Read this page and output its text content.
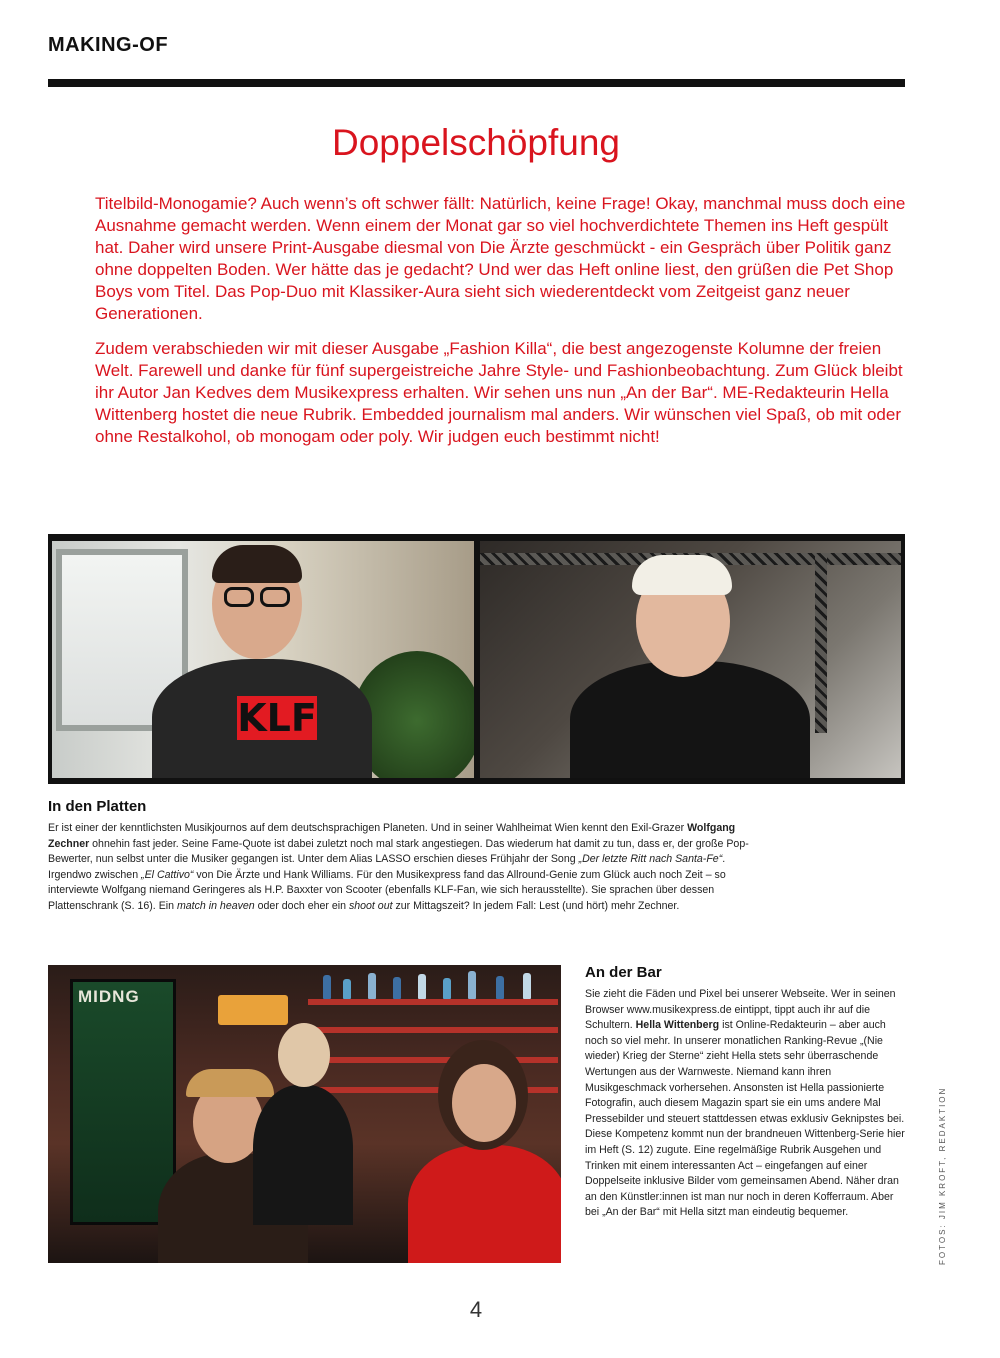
MAKING-OF
Doppelschöpfung

Titelbild-Monogamie? Auch wenn’s oft schwer fällt: Natürlich, keine Frage! Okay, manchmal muss doch eine Ausnahme gemacht werden. Wenn einem der Monat gar so viel hochverdichtete Themen ins Heft gespült hat. Daher wird unsere Print-Ausgabe diesmal von Die Ärzte geschmückt - ein Gespräch über Politik ganz ohne doppelten Boden. Wer hätte das je gedacht? Und wer das Heft online liest, den grüßen die Pet Shop Boys vom Titel. Das Pop-Duo mit Klassiker-Aura sieht sich wiederentdeckt vom Zeitgeist ganz neuer Generationen.

Zudem verabschieden wir mit dieser Ausgabe „Fashion Killa“, die best angezogenste Kolumne der freien Welt. Farewell und danke für fünf supergeistreiche Jahre Style- und Fashionbeobachtung. Zum Glück bleibt ihr Autor Jan Kedves dem Musikexpress erhalten. Wir sehen uns nun „An der Bar“. ME-Redakteurin Hella Wittenberg hostet die neue Rubrik. Embedded journalism mal anders. Wir wünschen viel Spaß, ob mit oder ohne Restalkohol, ob monogam oder poly. Wir judgen euch bestimmt nicht!

KLF
In den Platten
Er ist einer der kenntlichsten Musikjournos auf dem deutschsprachigen Planeten. Und in seiner Wahlheimat Wien kennt den Exil-Grazer Wolfgang Zechner ohnehin fast jeder. Seine Fame-Quote ist dabei zuletzt noch mal stark angestiegen. Das wiederum hat damit zu tun, dass er, der große Pop-Bewerter, nun selbst unter die Musiker gegangen ist. Unter dem Alias LASSO erschien dieses Frühjahr der Song „Der letzte Ritt nach Santa-Fe“. Irgendwo zwischen „El Cattivo“ von Die Ärzte und Hank Williams. Für den Musikexpress fand das Allround-Genie zum Glück auch noch Zeit – so interviewte Wolfgang niemand Geringeres als H.P. Baxxter von Scooter (ebenfalls KLF-Fan, wie sich herausstellte). Sie sprachen über dessen Plattenschrank (S. 16). Ein match in heaven oder doch eher ein shoot out zur Mittagszeit? In jedem Fall: Lest (und hört) mehr Zechner.
MIDNG
An der Bar
Sie zieht die Fäden und Pixel bei unserer Webseite. Wer in seinen Browser www.musikexpress.de eintippt, tippt auch ihr auf die Schultern. Hella Wittenberg ist Online-Redakteurin – aber auch noch so viel mehr. In unserer monatlichen Ranking-Revue „(Nie wieder) Krieg der Sterne“ zieht Hella stets sehr überraschende Wertungen aus der Warnweste. Niemand kann ihren Musikgeschmack vorhersehen. Ansonsten ist Hella passionierte Fotografin, auch diesem Magazin spart sie ein ums andere Mal Pressebilder und steuert stattdessen etwas exklusiv Geknipstes bei. Diese Kompetenz kommt nun der brandneuen Wittenberg-Serie hier im Heft (S. 12) zugute. Eine regelmäßige Rubrik Ausgehen und Trinken mit einem interessanten Act – eingefangen auf einer Doppelseite inklusive Bilder vom gemeinsamen Abend. Näher dran an den Künstler:innen ist man nur noch in deren Kofferraum. Aber bei „An der Bar“ mit Hella sitzt man eindeutig bequemer.	FOTOS: JIM KROFT, REDAKTION
4
